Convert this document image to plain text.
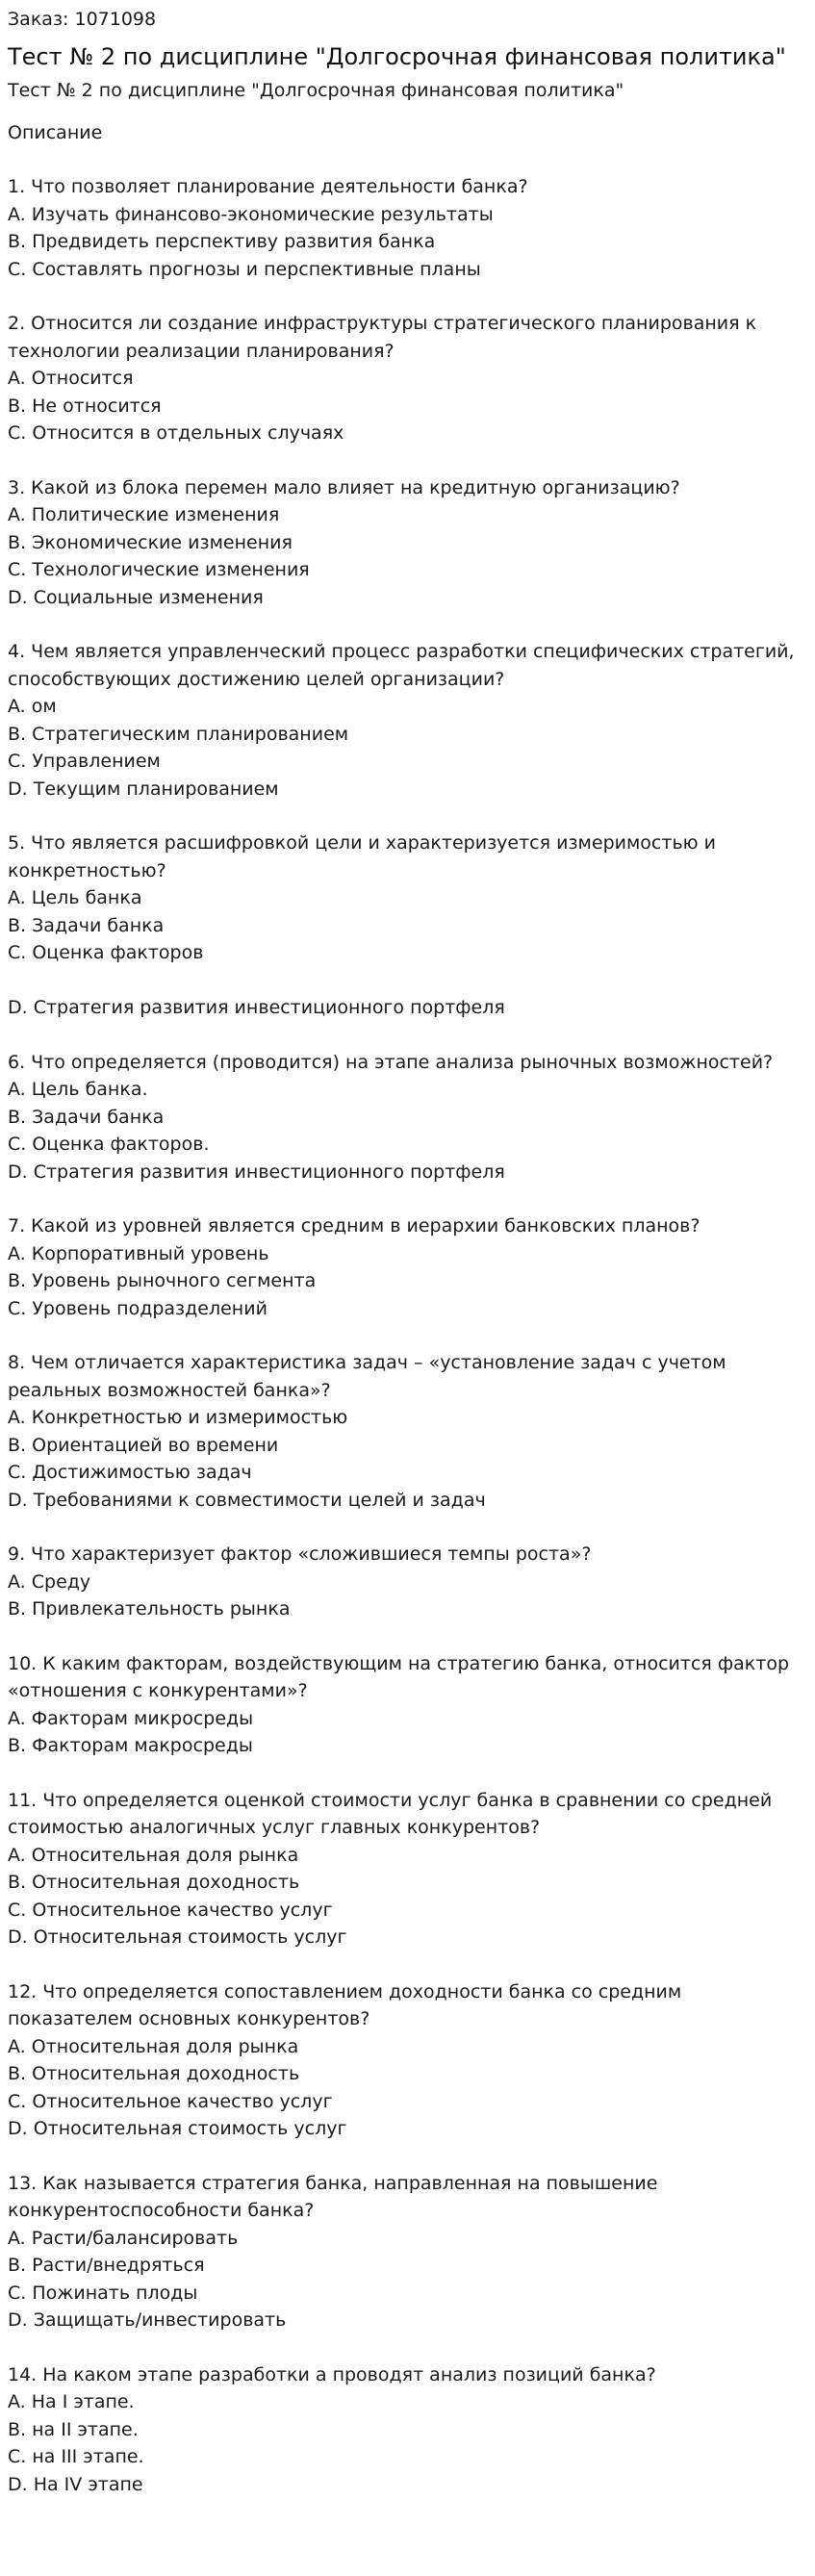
Заказ: 1071098

Тест № 2 по дисциплине "Долгосрочная финансовая политика"

Тест № 2 по дисциплине "Долгосрочная финансовая политика"

Описание

1. Что позволяет планирование деятельности банка?

A. Изучать финансово-экономические результаты

B. Предвидеть перспективу развития банка

C. Составлять прогнозы и перспективные планы

2. Относится ли создание инфраструктуры стратегического планирования к технологии реализации планирования?

A. Относится

B. Не относится

C. Относится в отдельных случаях

3. Какой из блока перемен мало влияет на кредитную организацию?

A. Политические изменения

B. Экономические изменения

C. Технологические изменения

D. Социальные изменения

4. Чем является управленческий процесс разработки специфических стратегий, способствующих достижению целей организации?

A. ом

B. Стратегическим планированием

C. Управлением

D. Текущим планированием

5. Что является расшифровкой цели и характеризуется измеримостью и конкретностью?

A. Цель банка

B. Задачи банка

C. Оценка факторов

D. Стратегия развития инвестиционного портфеля

6. Что определяется (проводится) на этапе анализа рыночных возможностей?

A. Цель банка.

B. Задачи банка

C. Оценка факторов.

D. Стратегия развития инвестиционного портфеля

7. Какой из уровней является средним в иерархии банковских планов?

A. Корпоративный уровень

B. Уровень рыночного сегмента

C. Уровень подразделений

8. Чем отличается характеристика задач – «установление задач с учетом реальных возможностей банка»?

A. Конкретностью и измеримостью

B. Ориентацией во времени

C. Достижимостью задач

D. Требованиями к совместимости целей и задач

9. Что характеризует фактор «сложившиеся темпы роста»?

A. Среду

B. Привлекательность рынка

10. К каким факторам, воздействующим на стратегию банка, относится фактор «отношения с конкурентами»?

A. Факторам микросреды

B. Факторам макросреды

11. Что определяется оценкой стоимости услуг банка в сравнении со средней стоимостью аналогичных услуг главных конкурентов?

A. Относительная доля рынка

B. Относительная доходность

C. Относительное качество услуг

D. Относительная стоимость услуг

12. Что определяется сопоставлением доходности банка со средним показателем основных конкурентов?

A. Относительная доля рынка

B. Относительная доходность

C. Относительное качество услуг

D. Относительная стоимость услуг

13. Как называется стратегия банка, направленная на повышение конкурентоспособности банка?

A. Расти/балансировать

B. Расти/внедряться

C. Пожинать плоды

D. Защищать/инвестировать

14. На каком этапе разработки а проводят анализ позиций банка?

A. На I этапе.

B. на II этапе.

C. на III этапе.

D. На IV этапе
